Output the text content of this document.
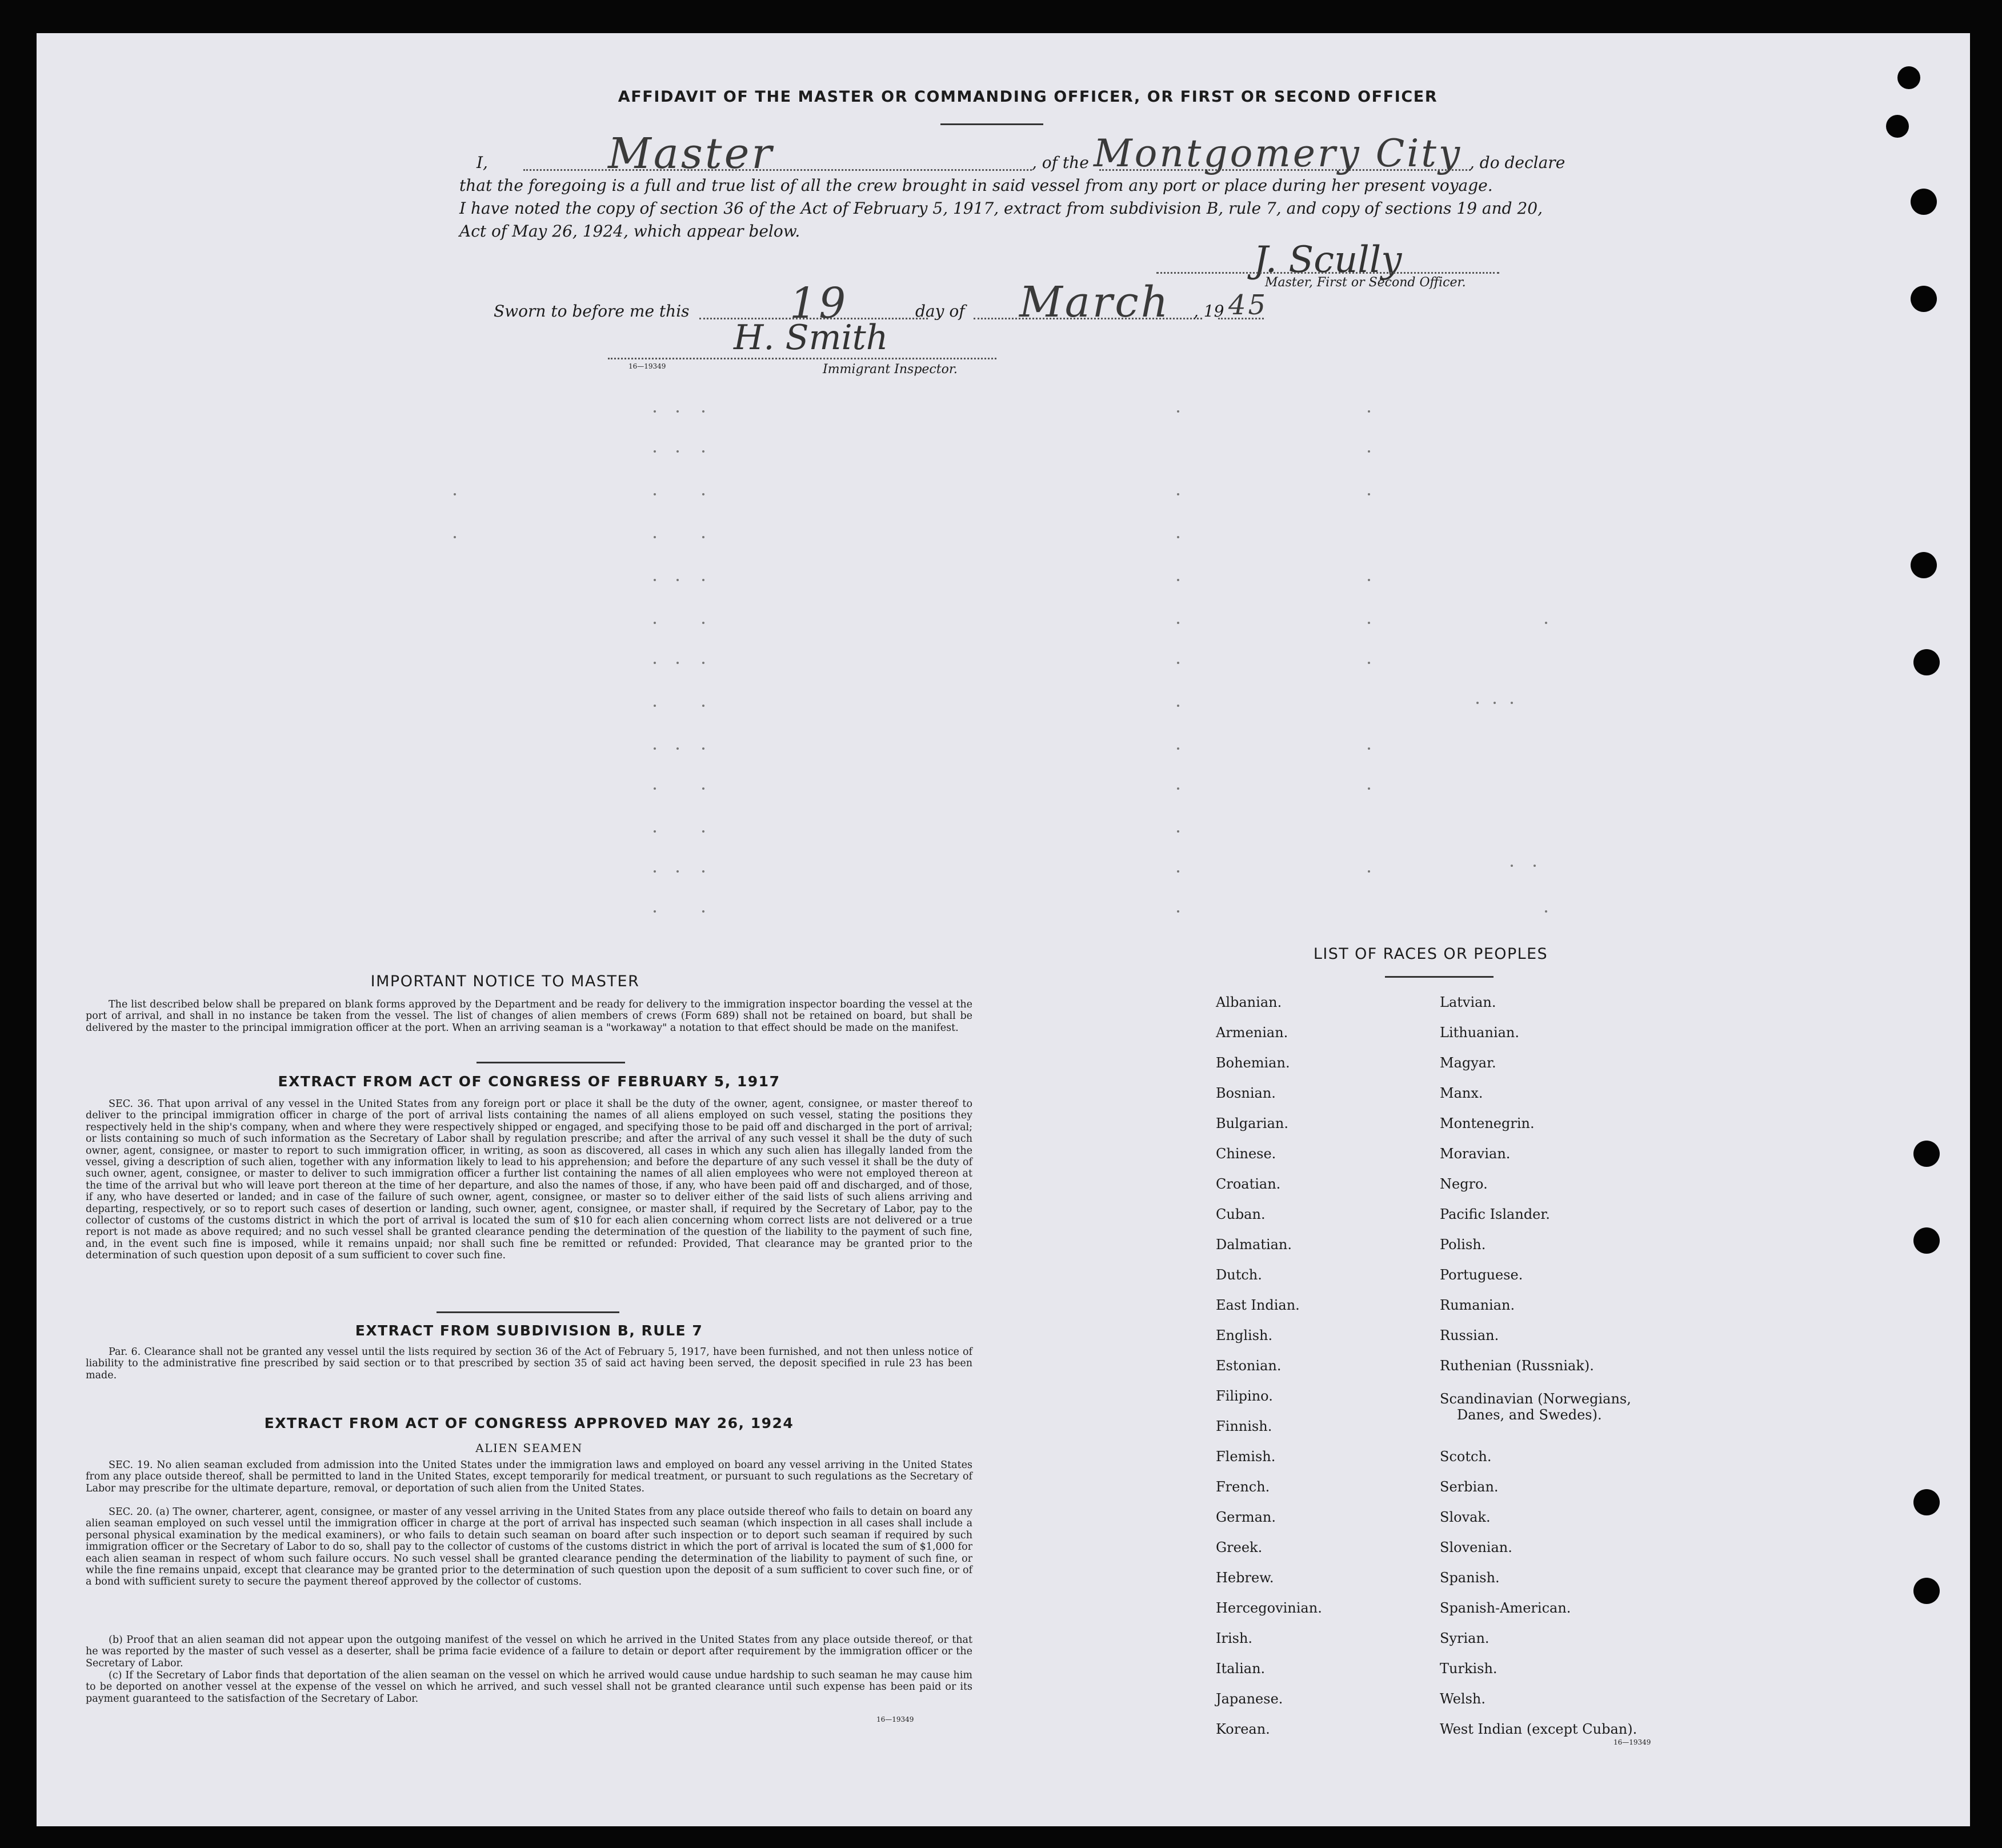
AFFIDAVIT OF THE MASTER OR COMMANDING OFFICER, OR FIRST OR SECOND OFFICER
I,	Master	, of the Montgomery City , do declare
that the foregoing is a full and true list of all the crew brought in said vessel from any port or place during her present voyage.
I have noted the copy of section 36 of the Act of February 5, 1917, extract from subdivision B, rule 7, and copy of sections 19 and 20,
Act of May 26, 1924, which appear below.
J. Scully
Master, First or Second Officer.
Sworn to before me this 19	day of March , 19 45
H. Smith
16—19349	Immigrant Inspector.
IMPORTANT NOTICE TO MASTER
The list described below shall be prepared on blank forms approved by the Department and be ready for delivery to the immigration inspector boarding the vessel at the port of arrival, and shall in no instance be taken from the vessel. The list of changes of alien members of crews (Form 689) shall not be retained on board, but shall be delivered by the master to the principal immigration officer at the port. When an arriving seaman is a "workaway" a notation to that effect should be made on the manifest.
EXTRACT FROM ACT OF CONGRESS OF FEBRUARY 5, 1917
SEC. 36. That upon arrival of any vessel in the United States from any foreign port or place it shall be the duty of the owner, agent, consignee, or master thereof to deliver to the principal immigration officer in charge of the port of arrival lists containing the names of all aliens employed on such vessel, stating the positions they respectively held in the ship's company, when and where they were respectively shipped or engaged, and specifying those to be paid off and discharged in the port of arrival; or lists containing so much of such information as the Secretary of Labor shall by regulation prescribe; and after the arrival of any such vessel it shall be the duty of such owner, agent, consignee, or master to report to such immigration officer, in writing, as soon as discovered, all cases in which any such alien has illegally landed from the vessel, giving a description of such alien, together with any information likely to lead to his apprehension; and before the departure of any such vessel it shall be the duty of such owner, agent, consignee, or master to deliver to such immigration officer a further list containing the names of all alien employees who were not employed thereon at the time of the arrival but who will leave port thereon at the time of her departure, and also the names of those, if any, who have been paid off and discharged, and of those, if any, who have deserted or landed; and in case of the failure of such owner, agent, consignee, or master so to deliver either of the said lists of such aliens arriving and departing, respectively, or so to report such cases of desertion or landing, such owner, agent, consignee, or master shall, if required by the Secretary of Labor, pay to the collector of customs of the customs district in which the port of arrival is located the sum of $10 for each alien concerning whom correct lists are not delivered or a true report is not made as above required; and no such vessel shall be granted clearance pending the determination of the question of the liability to the payment of such fine, and, in the event such fine is imposed, while it remains unpaid; nor shall such fine be remitted or refunded: Provided, That clearance may be granted prior to the determination of such question upon deposit of a sum sufficient to cover such fine.
EXTRACT FROM SUBDIVISION B, RULE 7
Par. 6. Clearance shall not be granted any vessel until the lists required by section 36 of the Act of February 5, 1917, have been furnished, and not then unless notice of liability to the administrative fine prescribed by said section or to that prescribed by section 35 of said act having been served, the deposit specified in rule 23 has been made.
EXTRACT FROM ACT OF CONGRESS APPROVED MAY 26, 1924
ALIEN SEAMEN
SEC. 19. No alien seaman excluded from admission into the United States under the immigration laws and employed on board any vessel arriving in the United States from any place outside thereof, shall be permitted to land in the United States, except temporarily for medical treatment, or pursuant to such regulations as the Secretary of Labor may prescribe for the ultimate departure, removal, or deportation of such alien from the United States.
SEC. 20. (a) The owner, charterer, agent, consignee, or master of any vessel arriving in the United States from any place outside thereof who fails to detain on board any alien seaman employed on such vessel until the immigration officer in charge at the port of arrival has inspected such seaman (which inspection in all cases shall include a personal physical examination by the medical examiners), or who fails to detain such seaman on board after such inspection or to deport such seaman if required by such immigration officer or the Secretary of Labor to do so, shall pay to the collector of customs of the customs district in which the port of arrival is located the sum of $1,000 for each alien seaman in respect of whom such failure occurs. No such vessel shall be granted clearance pending the determination of the liability to payment of such fine, or while the fine remains unpaid, except that clearance may be granted prior to the determination of such question upon the deposit of a sum sufficient to cover such fine, or of a bond with sufficient surety to secure the payment thereof approved by the collector of customs.
(b) Proof that an alien seaman did not appear upon the outgoing manifest of the vessel on which he arrived in the United States from any place outside thereof, or that he was reported by the master of such vessel as a deserter, shall be prima facie evidence of a failure to detain or deport after requirement by the immigration officer or the Secretary of Labor.
(c) If the Secretary of Labor finds that deportation of the alien seaman on the vessel on which he arrived would cause undue hardship to such seaman he may cause him to be deported on another vessel at the expense of the vessel on which he arrived, and such vessel shall not be granted clearance until such expense has been paid or its payment guaranteed to the satisfaction of the Secretary of Labor.
16—19349
LIST OF RACES OR PEOPLES
Albanian.
Armenian.
Bohemian.
Bosnian.
Bulgarian.
Chinese.
Croatian.
Cuban.
Dalmatian.
Dutch.
East Indian.
English.
Estonian.
Filipino.
Finnish.
Flemish.
French.
German.
Greek.
Hebrew.
Hercegovinian.
Irish.
Italian.
Japanese.
Korean.
Latvian.
Lithuanian.
Magyar.
Manx.
Montenegrin.
Moravian.
Negro.
Pacific Islander.
Polish.
Portuguese.
Rumanian.
Russian.
Ruthenian (Russniak).
Scandinavian (Norwegians,
Danes, and Swedes).
Scotch.
Serbian.
Slovak.
Slovenian.
Spanish.
Spanish-American.
Syrian.
Turkish.
Welsh.
West Indian (except Cuban).
16—19349
